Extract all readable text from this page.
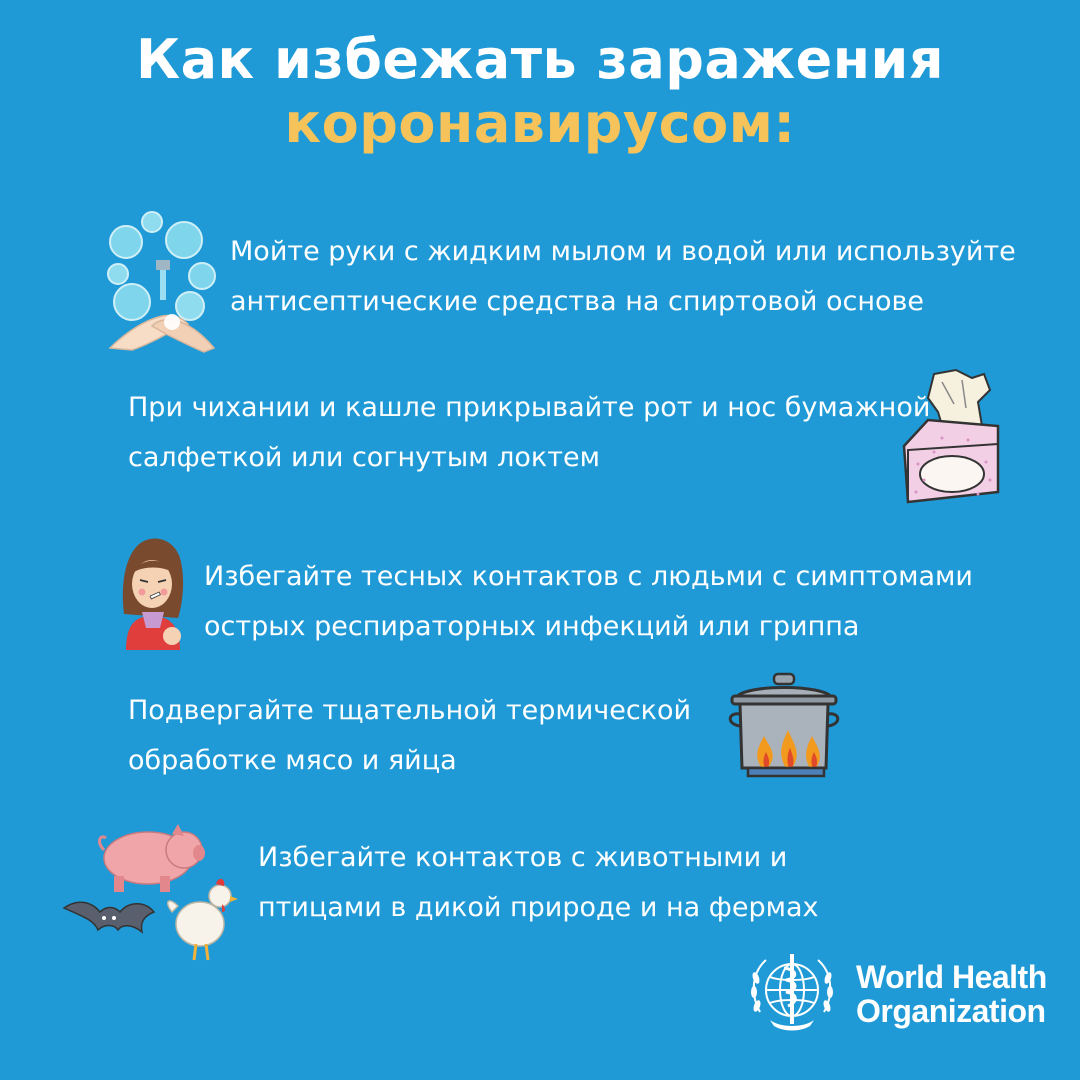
Как избежать заражения
коронавирусом:
Мойте руки с жидким мылом и водой или используйте
антисептические средства на спиртовой основе
При чихании и кашле прикрывайте рот и нос бумажной
салфеткой или согнутым локтем
Избегайте тесных контактов с людьми с симптомами
острых респираторных инфекций или гриппа
Подвергайте тщательной термической
обработке мясо и яйца
Избегайте контактов с животными и
птицами в дикой природе и на фермах
World Health
Organization
